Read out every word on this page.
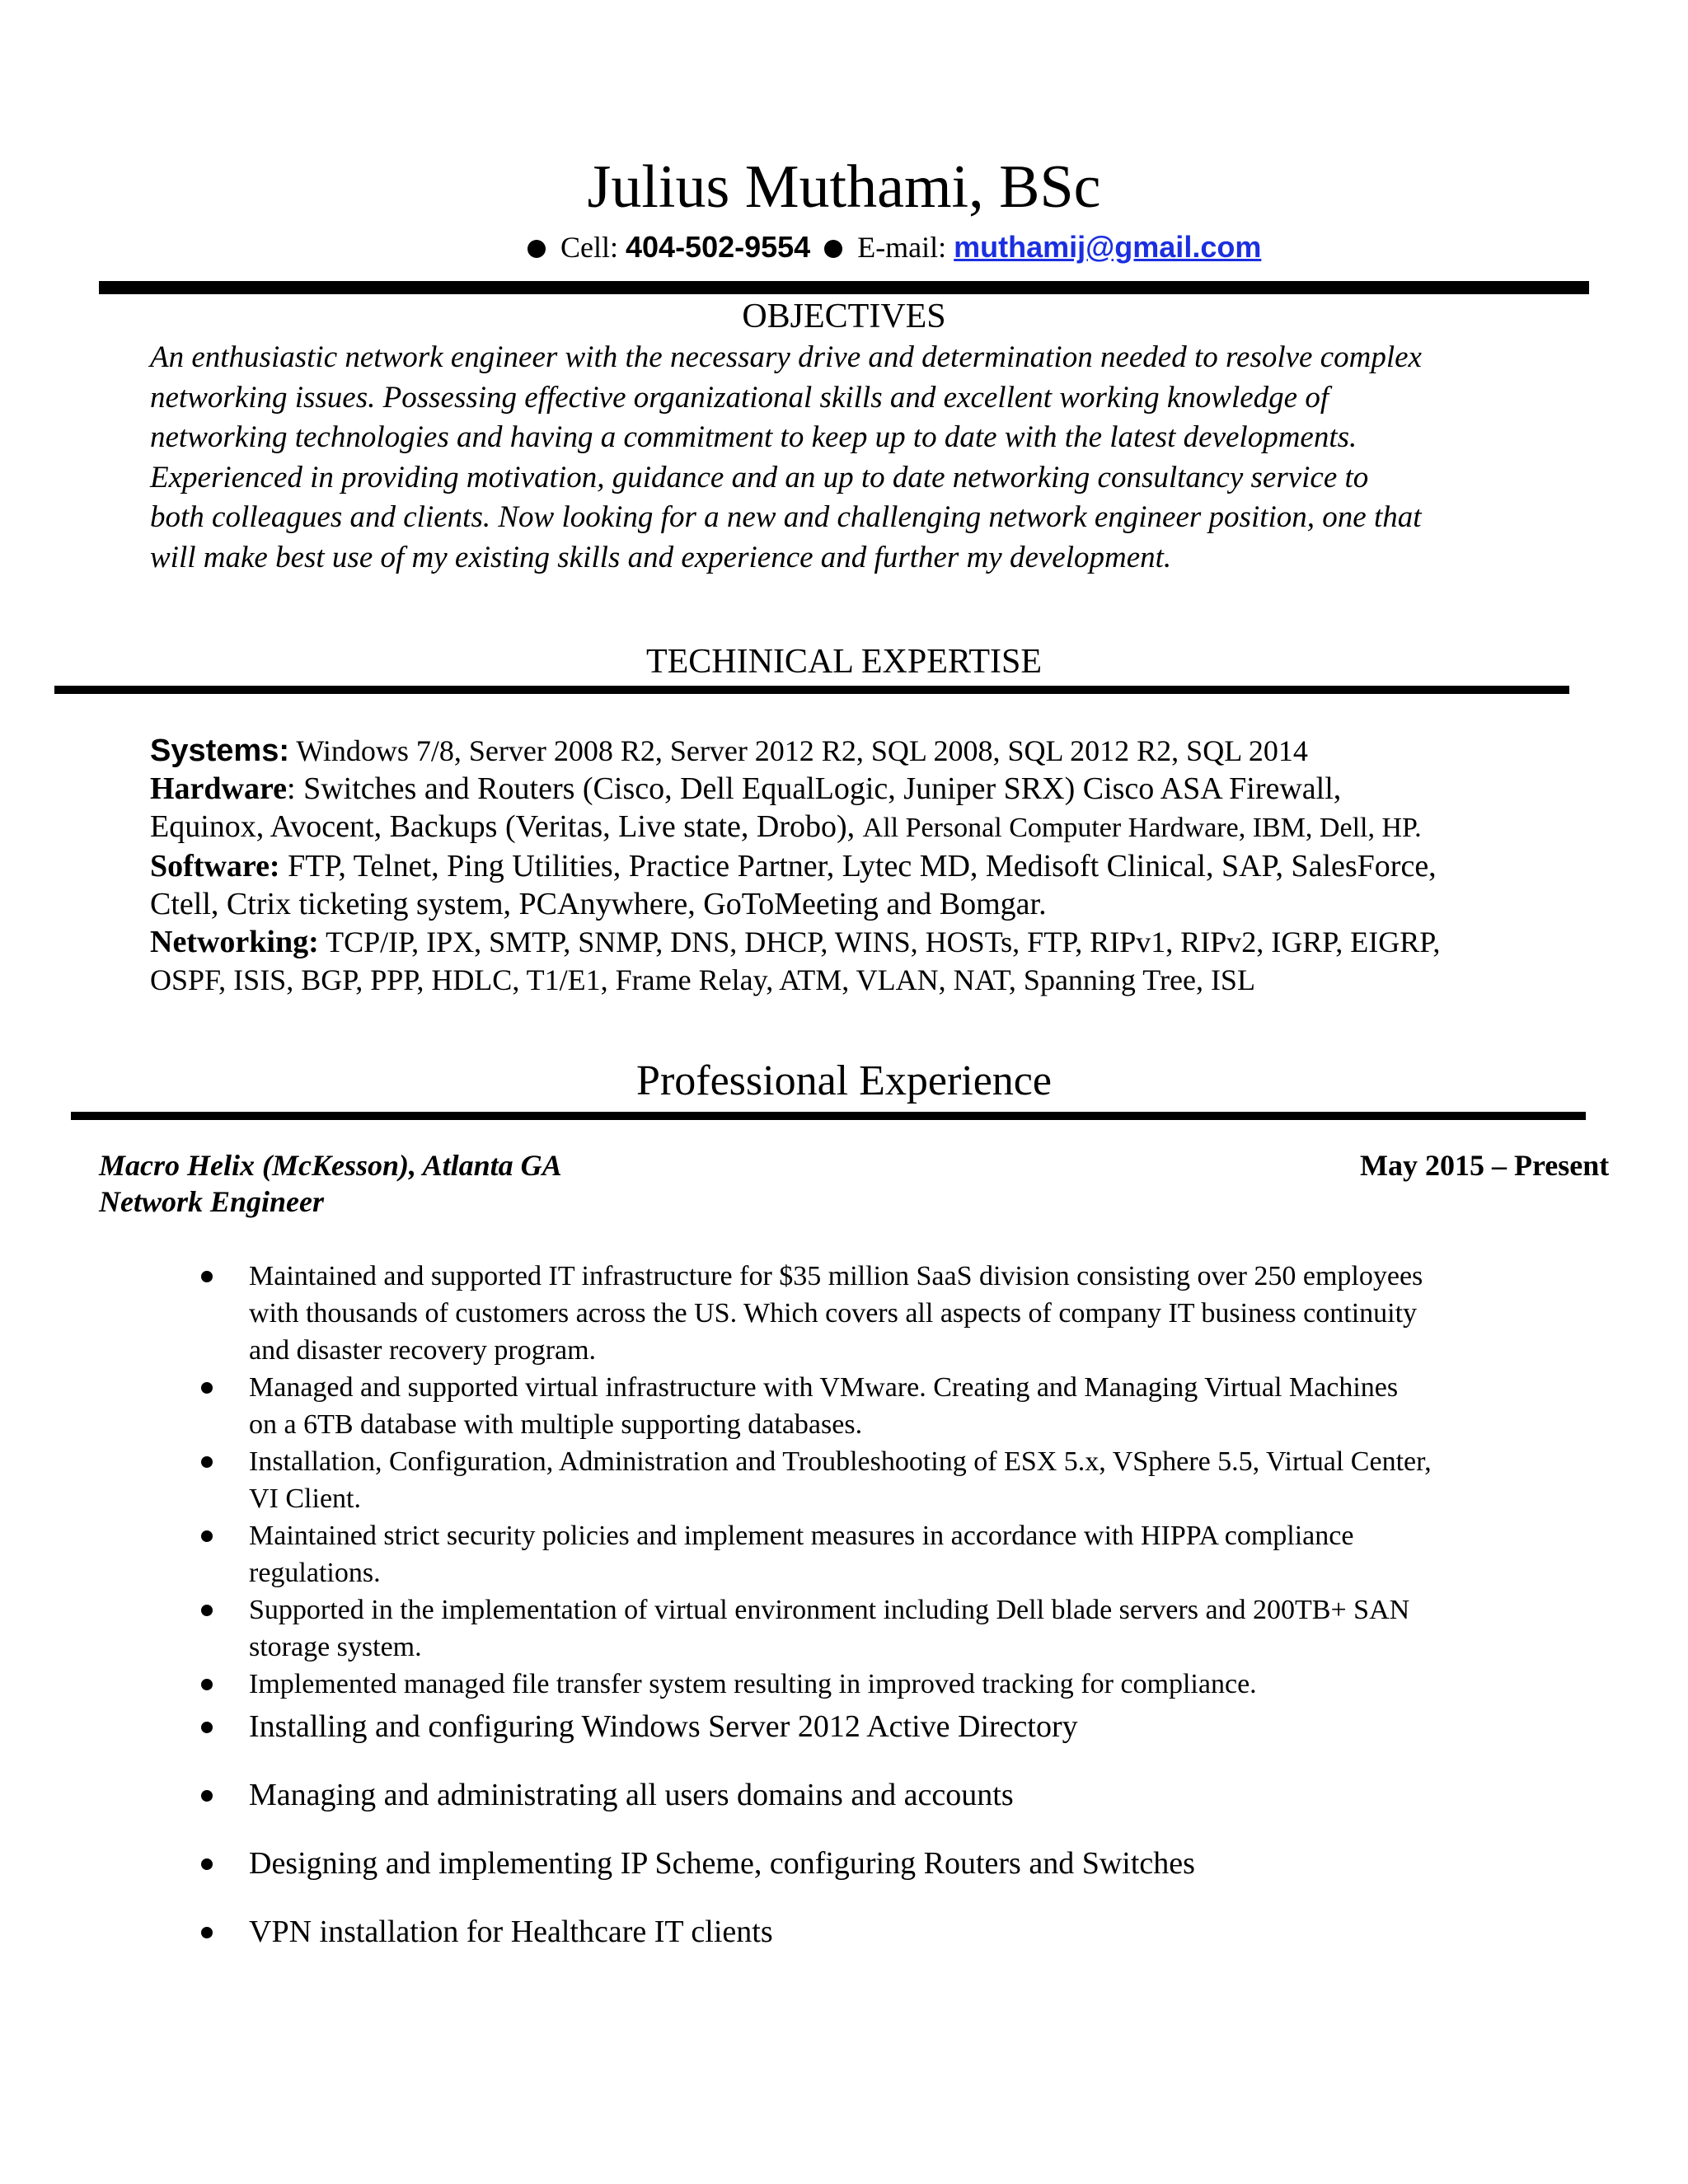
Julius Muthami, BSc
Cell: 404-502-9554 E-mail: muthamij@gmail.com
OBJECTIVES
An enthusiastic network engineer with the necessary drive and determination needed to resolve complex
networking issues. Possessing effective organizational skills and excellent working knowledge of
networking technologies and having a commitment to keep up to date with the latest developments.
Experienced in providing motivation, guidance and an up to date networking consultancy service to
both colleagues and clients. Now looking for a new and challenging network engineer position, one that
will make best use of my existing skills and experience and further my development.
TECHINICAL EXPERTISE
Systems: Windows 7/8, Server 2008 R2, Server 2012 R2, SQL 2008, SQL 2012 R2, SQL 2014
Hardware: Switches and Routers (Cisco, Dell EqualLogic, Juniper SRX) Cisco ASA Firewall,
Equinox, Avocent, Backups (Veritas, Live state, Drobo), All Personal Computer Hardware, IBM, Dell, HP.
Software: FTP, Telnet, Ping Utilities, Practice Partner, Lytec MD, Medisoft Clinical, SAP, SalesForce,
Ctell, Ctrix ticketing system, PCAnywhere, GoToMeeting and Bomgar.
Networking: TCP/IP, IPX, SMTP, SNMP, DNS, DHCP, WINS, HOSTs, FTP, RIPv1, RIPv2, IGRP, EIGRP,
OSPF, ISIS, BGP, PPP, HDLC, T1/E1, Frame Relay, ATM, VLAN, NAT, Spanning Tree, ISL
Professional Experience
Macro Helix (McKesson), Atlanta GA
Network Engineer
May 2015 – Present
Maintained and supported IT infrastructure for $35 million SaaS division consisting over 250 employees
with thousands of customers across the US. Which covers all aspects of company IT business continuity
and disaster recovery program.
Managed and supported virtual infrastructure with VMware. Creating and Managing Virtual Machines
on a 6TB database with multiple supporting databases.
Installation, Configuration, Administration and Troubleshooting of ESX 5.x, VSphere 5.5, Virtual Center,
VI Client.
Maintained strict security policies and implement measures in accordance with HIPPA compliance
regulations.
Supported in the implementation of virtual environment including Dell blade servers and 200TB+ SAN
storage system.
Implemented managed file transfer system resulting in improved tracking for compliance.
Installing and configuring Windows Server 2012 Active Directory
Managing and administrating all users domains and accounts
Designing and implementing IP Scheme, configuring Routers and Switches
VPN installation for Healthcare IT clients
